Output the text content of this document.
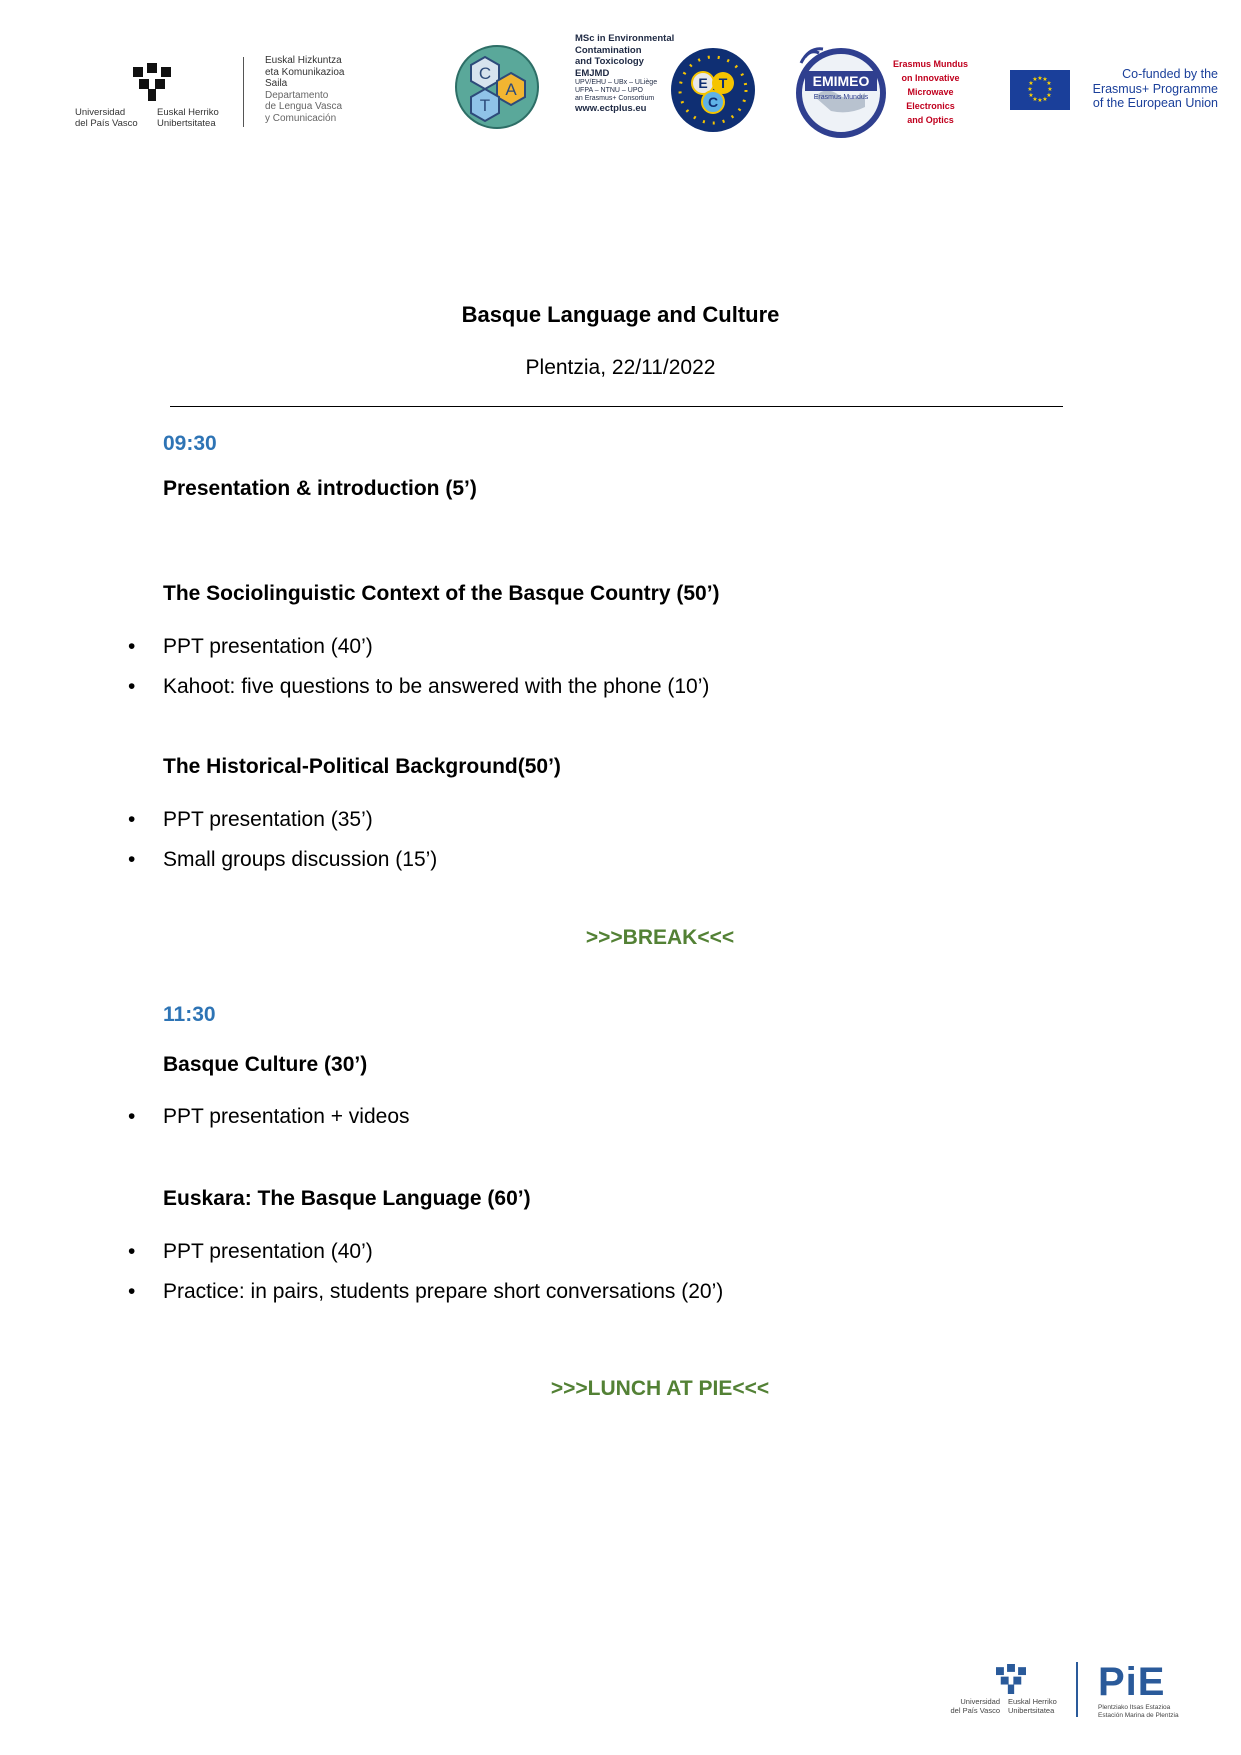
Universidad
del País Vasco
Euskal Herriko
Unibertsitatea
Euskal Hizkuntza
eta Komunikazioa
Saila
Departamento
de Lengua Vasca
y Comunicación
C
T
A
MSc in Environmental
Contamination
and Toxicology
EMJMD
UPV/EHU – UBx – ULiège
UFPA – NTNU – UPO
an Erasmus+ Consortium
www.ectplus.eu
E
C
T	EMIMEO
Erasmus Mundus
Erasmus Mundus
on Innovative
Microwave
Electronics
and Optics
★ ★
★
★
★
★
★
★
★
★
★
★	Co-funded by the
Erasmus+ Programme
of the European Union
Basque Language and Culture
Plentzia, 22/11/2022
09:30
Presentation & introduction (5’)
The Sociolinguistic Context of the Basque Country (50’)
• PPT presentation (40’)
• Kahoot: five questions to be answered with the phone (10’)
The Historical-Political Background(50’)
• PPT presentation (35’)
• Small groups discussion (15’)
>>>BREAK<<<
11:30
Basque Culture (30’)
• PPT presentation + videos
Euskara: The Basque Language (60’)
• PPT presentation (40’)
• Practice: in pairs, students prepare short conversations (20’)
>>>LUNCH AT PIE<<<
Universidad
del País Vasco
Euskal Herriko
Unibertsitatea
PiE
Plentziako Itsas Estazioa
Estación Marina de Plentzia
